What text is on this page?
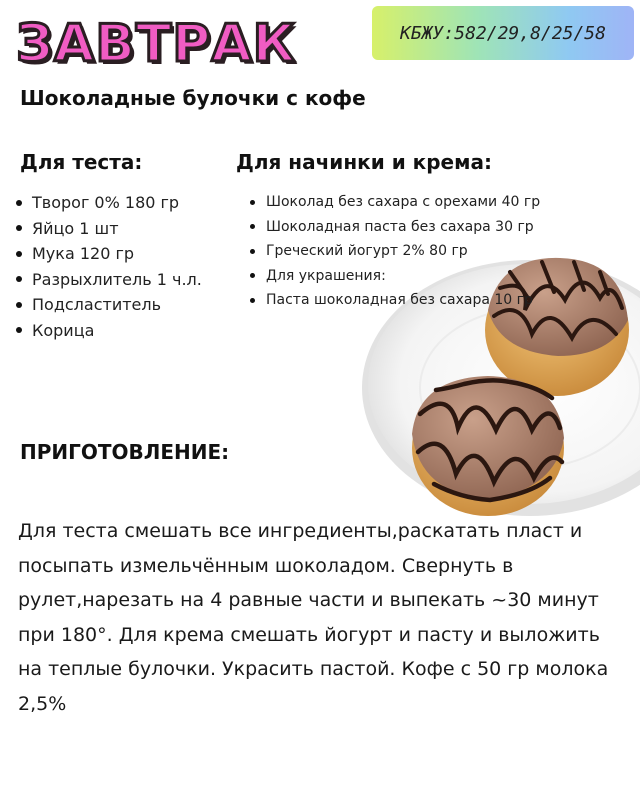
ЗАВТРАК	КБЖУ:582/29,8/25/58
Шоколадные булочки с кофе
Для теста:	Для начинки и крема:
Творог 0% 180 гр
Яйцо 1 шт
Мука 120 гр
Разрыхлитель 1 ч.л.
Подсластитель
Корица
Шоколад без сахара с орехами 40 гр
Шоколадная паста без сахара 30 гр
Греческий йогурт 2% 80 гр
Для украшения:
Паста шоколадная без сахара 10 гр
ПРИГОТОВЛЕНИЕ:

Для теста смешать все ингредиенты,раскатать пласт и посыпать измельчённым шоколадом. Свернуть в рулет,нарезать на 4 равные части и выпекать ~30 минут при 180°. Для крема смешать йогурт и пасту и выложить на теплые булочки. Украсить пастой. Кофе с 50 гр молока 2,5%
